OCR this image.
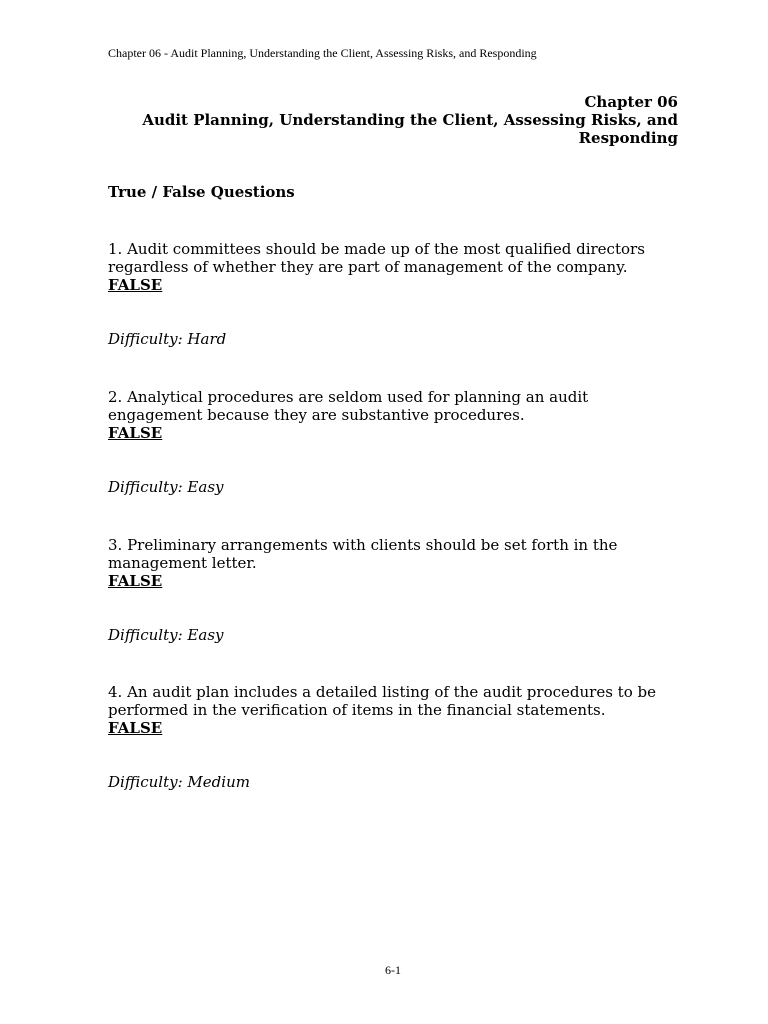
Chapter 06 - Audit Planning, Understanding the Client, Assessing Risks, and Responding
Chapter 06
Audit Planning, Understanding the Client, Assessing Risks, and
Responding
True / False Questions
1. Audit committees should be made up of the most qualified directors
regardless of whether they are part of management of the company.
FALSE
Difficulty: Hard
2. Analytical procedures are seldom used for planning an audit
engagement because they are substantive procedures.
FALSE
Difficulty: Easy
3. Preliminary arrangements with clients should be set forth in the
management letter.
FALSE
Difficulty: Easy
4. An audit plan includes a detailed listing of the audit procedures to be
performed in the verification of items in the financial statements.
FALSE
Difficulty: Medium
6-1
